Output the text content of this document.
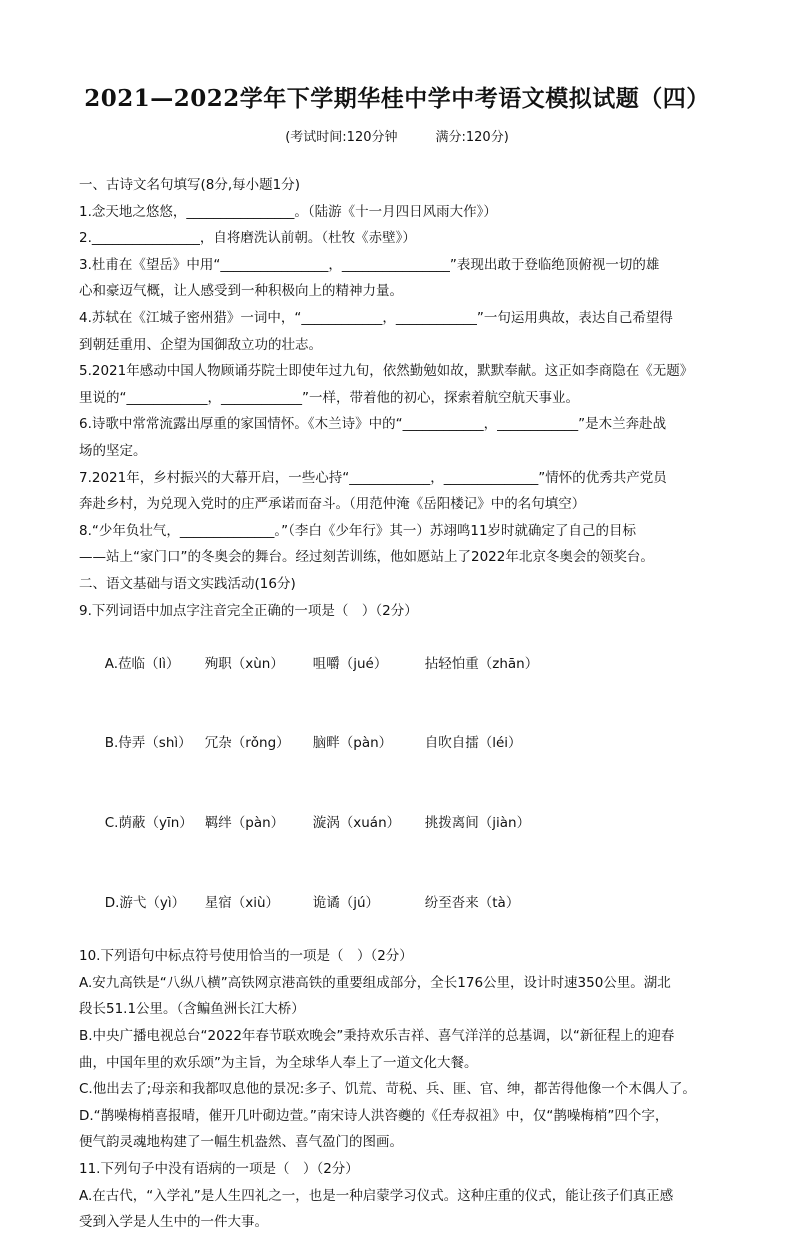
2021—2022学年下学期华桂中学中考语文模拟试题（四）
(考试时间:120分钟	满分:120分)

一、古诗文名句填写(8分,每小题1分)

1.念天地之悠悠，________________。（陆游《十一月四日风雨大作》）

2.________________，自将磨洗认前朝。（杜牧《赤壁》）

3.杜甫在《望岳》中用“________________，________________”表现出敢于登临绝顶俯视一切的雄

心和豪迈气概，让人感受到一种积极向上的精神力量。

4.苏轼在《江城子密州猎》一词中，“____________，____________”一句运用典故，表达自己希望得

到朝廷重用、企望为国御敌立功的壮志。

5.2021年感动中国人物顾诵芬院士即使年过九旬，依然勤勉如故，默默奉献。这正如李商隐在《无题》

里说的“____________，____________”一样，带着他的初心，探索着航空航天事业。

6.诗歌中常常流露出厚重的家国情怀。《木兰诗》中的“____________，____________”是木兰奔赴战

场的坚定。

7.2021年，乡村振兴的大幕开启，一些心持“____________，______________”情怀的优秀共产党员

奔赴乡村，为兑现入党时的庄严承诺而奋斗。（用范仲淹《岳阳楼记》中的名句填空）

8.“少年负壮气，______________。”（李白《少年行》其一）苏翊鸣11岁时就确定了自己的目标

——站上“家门口”的冬奥会的舞台。经过刻苦训练，他如愿站上了2022年北京冬奥会的领奖台。

二、语文基础与语文实践活动(16分)

9.下列词语中加点字注音完全正确的一项是（　）（2分）

A.莅临（lì） 殉职（xùn） 咀嚼（jué）	拈轻怕重（zhān）

B.侍弄（shì） 冗杂（rǒng） 脑畔（pàn） 自吹自擂（léi）

C.荫蔽（yīn） 羁绊（pàn） 漩涡（xuán） 挑拨离间（jiàn）

D.游弋（yì） 星宿（xiù） 诡谲（jú）	纷至沓来（tà）

10.下列语句中标点符号使用恰当的一项是（　）（2分）

A.安九高铁是“八纵八横”高铁网京港高铁的重要组成部分，全长176公里，设计时速350公里。湖北

段长51.1公里。（含鳊鱼洲长江大桥）

B.中央广播电视总台“2022年春节联欢晚会”秉持欢乐吉祥、喜气洋洋的总基调，以“新征程上的迎春

曲，中国年里的欢乐颂”为主旨，为全球华人奉上了一道文化大餐。

C.他出去了;母亲和我都叹息他的景况:多子、饥荒、苛税、兵、匪、官、绅，都苦得他像一个木偶人了。

D.“鹊噪梅梢喜报晴，催开几叶砌边萱。”南宋诗人洪咨夔的《任寿叔祖》中，仅“鹊噪梅梢”四个字，

便气韵灵魂地构建了一幅生机盎然、喜气盈门的图画。

11.下列句子中没有语病的一项是（　）（2分）

A.在古代，“入学礼”是人生四礼之一，也是一种启蒙学习仪式。这种庄重的仪式，能让孩子们真正感

受到入学是人生中的一件大事。
